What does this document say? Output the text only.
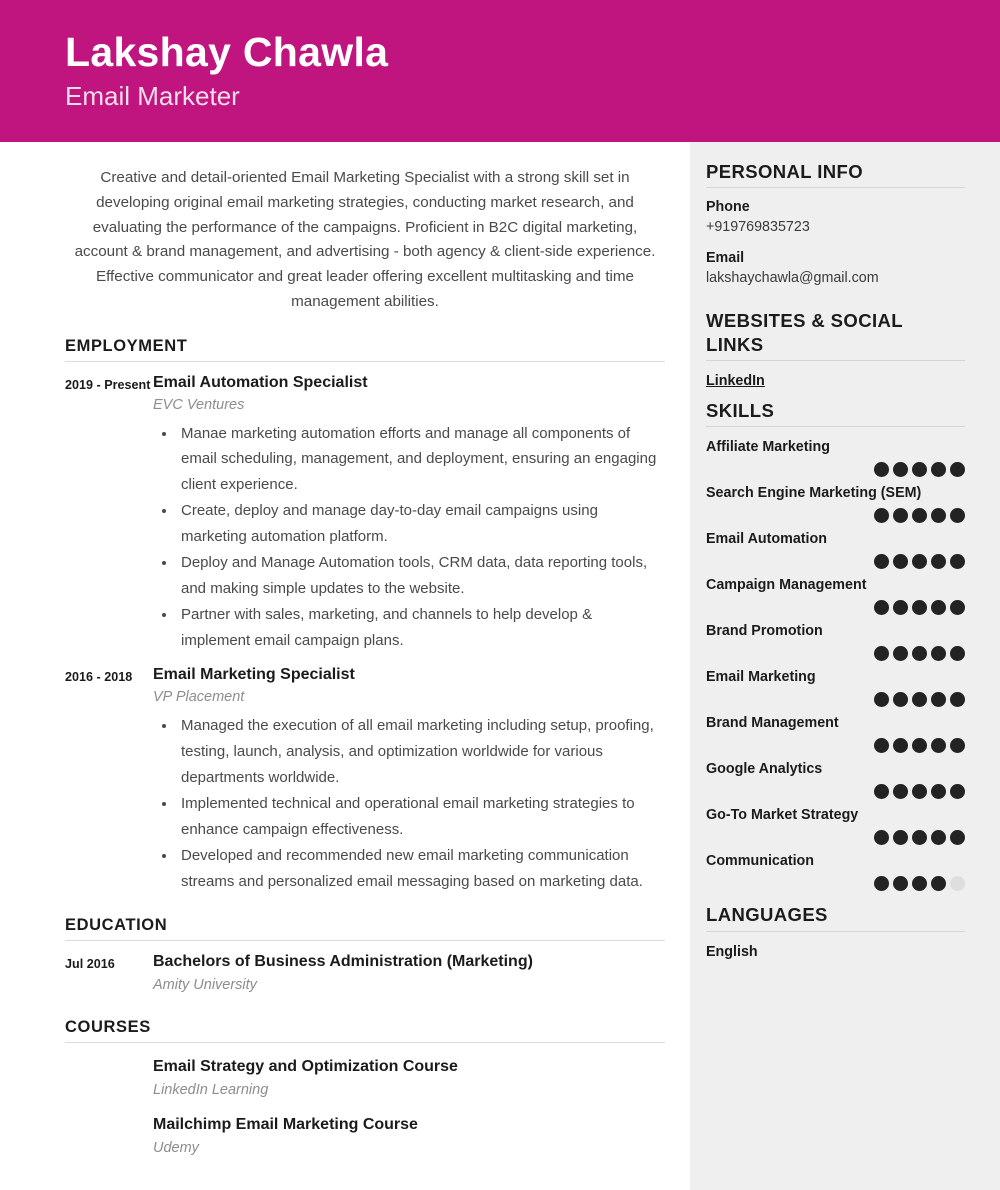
Lakshay Chawla
Email Marketer
Creative and detail-oriented Email Marketing Specialist with a strong skill set in developing original email marketing strategies, conducting market research, and evaluating the performance of the campaigns. Proficient in B2C digital marketing, account & brand management, and advertising - both agency & client-side experience. Effective communicator and great leader offering excellent multitasking and time management abilities.
EMPLOYMENT
2019 - Present Email Automation Specialist
EVC Ventures
• Manae marketing automation efforts and manage all components of email scheduling, management, and deployment, ensuring an engaging client experience.
• Create, deploy and manage day-to-day email campaigns using marketing automation platform.
• Deploy and Manage Automation tools, CRM data, data reporting tools, and making simple updates to the website.
• Partner with sales, marketing, and channels to help develop & implement email campaign plans.
2016 - 2018	Email Marketing Specialist
VP Placement
• Managed the execution of all email marketing including setup, proofing, testing, launch, analysis, and optimization worldwide for various departments worldwide.
• Implemented technical and operational email marketing strategies to enhance campaign effectiveness.
• Developed and recommended new email marketing communication streams and personalized email messaging based on marketing data.
EDUCATION
Jul 2016	Bachelors of Business Administration (Marketing)
Amity University
COURSES
Email Strategy and Optimization Course
LinkedIn Learning
Mailchimp Email Marketing Course
Udemy
PERSONAL INFO
Phone
+919769835723
Email
lakshaychawla@gmail.com
WEBSITES & SOCIAL LINKS
LinkedIn
SKILLS
Affiliate Marketing
Search Engine Marketing (SEM)
Email Automation
Campaign Management
Brand Promotion
Email Marketing
Brand Management
Google Analytics
Go-To Market Strategy
Communication
LANGUAGES
English
